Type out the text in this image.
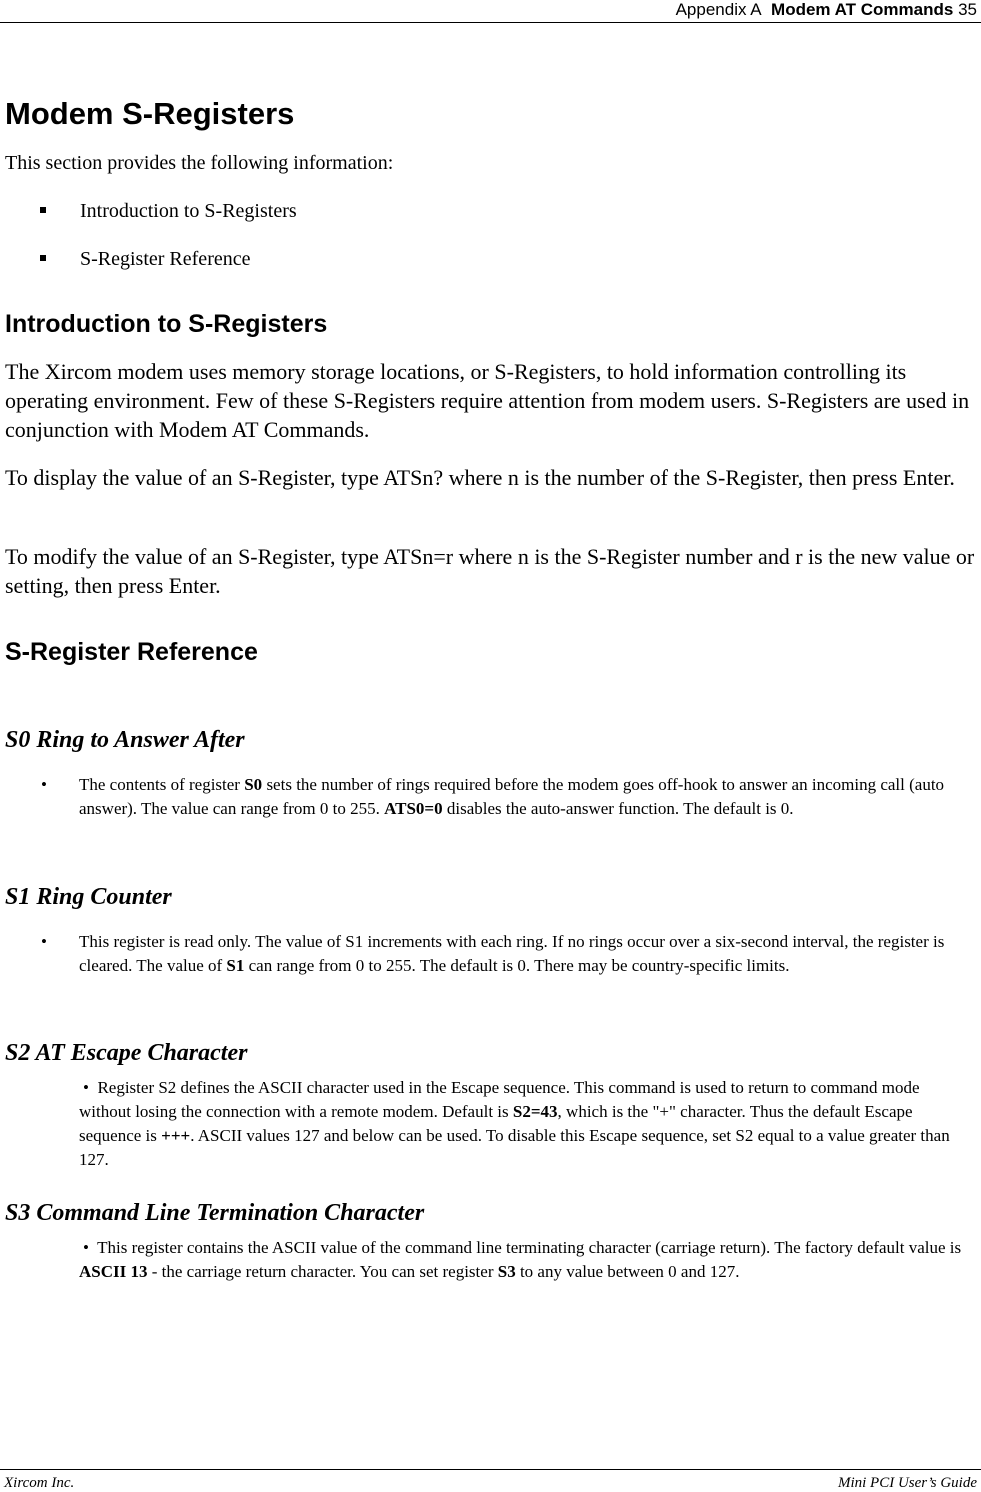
Appendix A Modem AT Commands 35
Modem S-Registers
This section provides the following information:
Introduction to S-Registers
S-Register Reference
Introduction to S-Registers
The Xircom modem uses memory storage locations, or S-Registers, to hold information controlling its operating environment. Few of these S-Registers require attention from modem users. S-Registers are used in conjunction with Modem AT Commands.
To display the value of an S-Register, type ATSn? where n is the number of the S-Register, then press Enter.
To modify the value of an S-Register, type ATSn=r where n is the S-Register number and r is the new value or setting, then press Enter.
S-Register Reference
S0 Ring to Answer After
• The contents of register S0 sets the number of rings required before the modem goes off-hook to answer an incoming call (auto answer). The value can range from 0 to 255. ATS0=0 disables the auto-answer function. The default is 0.
S1 Ring Counter
• This register is read only. The value of S1 increments with each ring. If no rings occur over a six-second interval, the register is cleared. The value of S1 can range from 0 to 255. The default is 0. There may be country-specific limits.
S2 AT Escape Character
•  Register S2 defines the ASCII character used in the Escape sequence. This command is used to return to command mode without losing the connection with a remote modem. Default is S2=43, which is the "+" character. Thus the default Escape sequence is +++. ASCII values 127 and below can be used. To disable this Escape sequence, set S2 equal to a value greater than 127.
S3 Command Line Termination Character
•  This register contains the ASCII value of the command line terminating character (carriage return). The factory default value is ASCII 13 - the carriage return character. You can set register S3 to any value between 0 and 127.
Xircom Inc.	Mini PCI User’s Guide
